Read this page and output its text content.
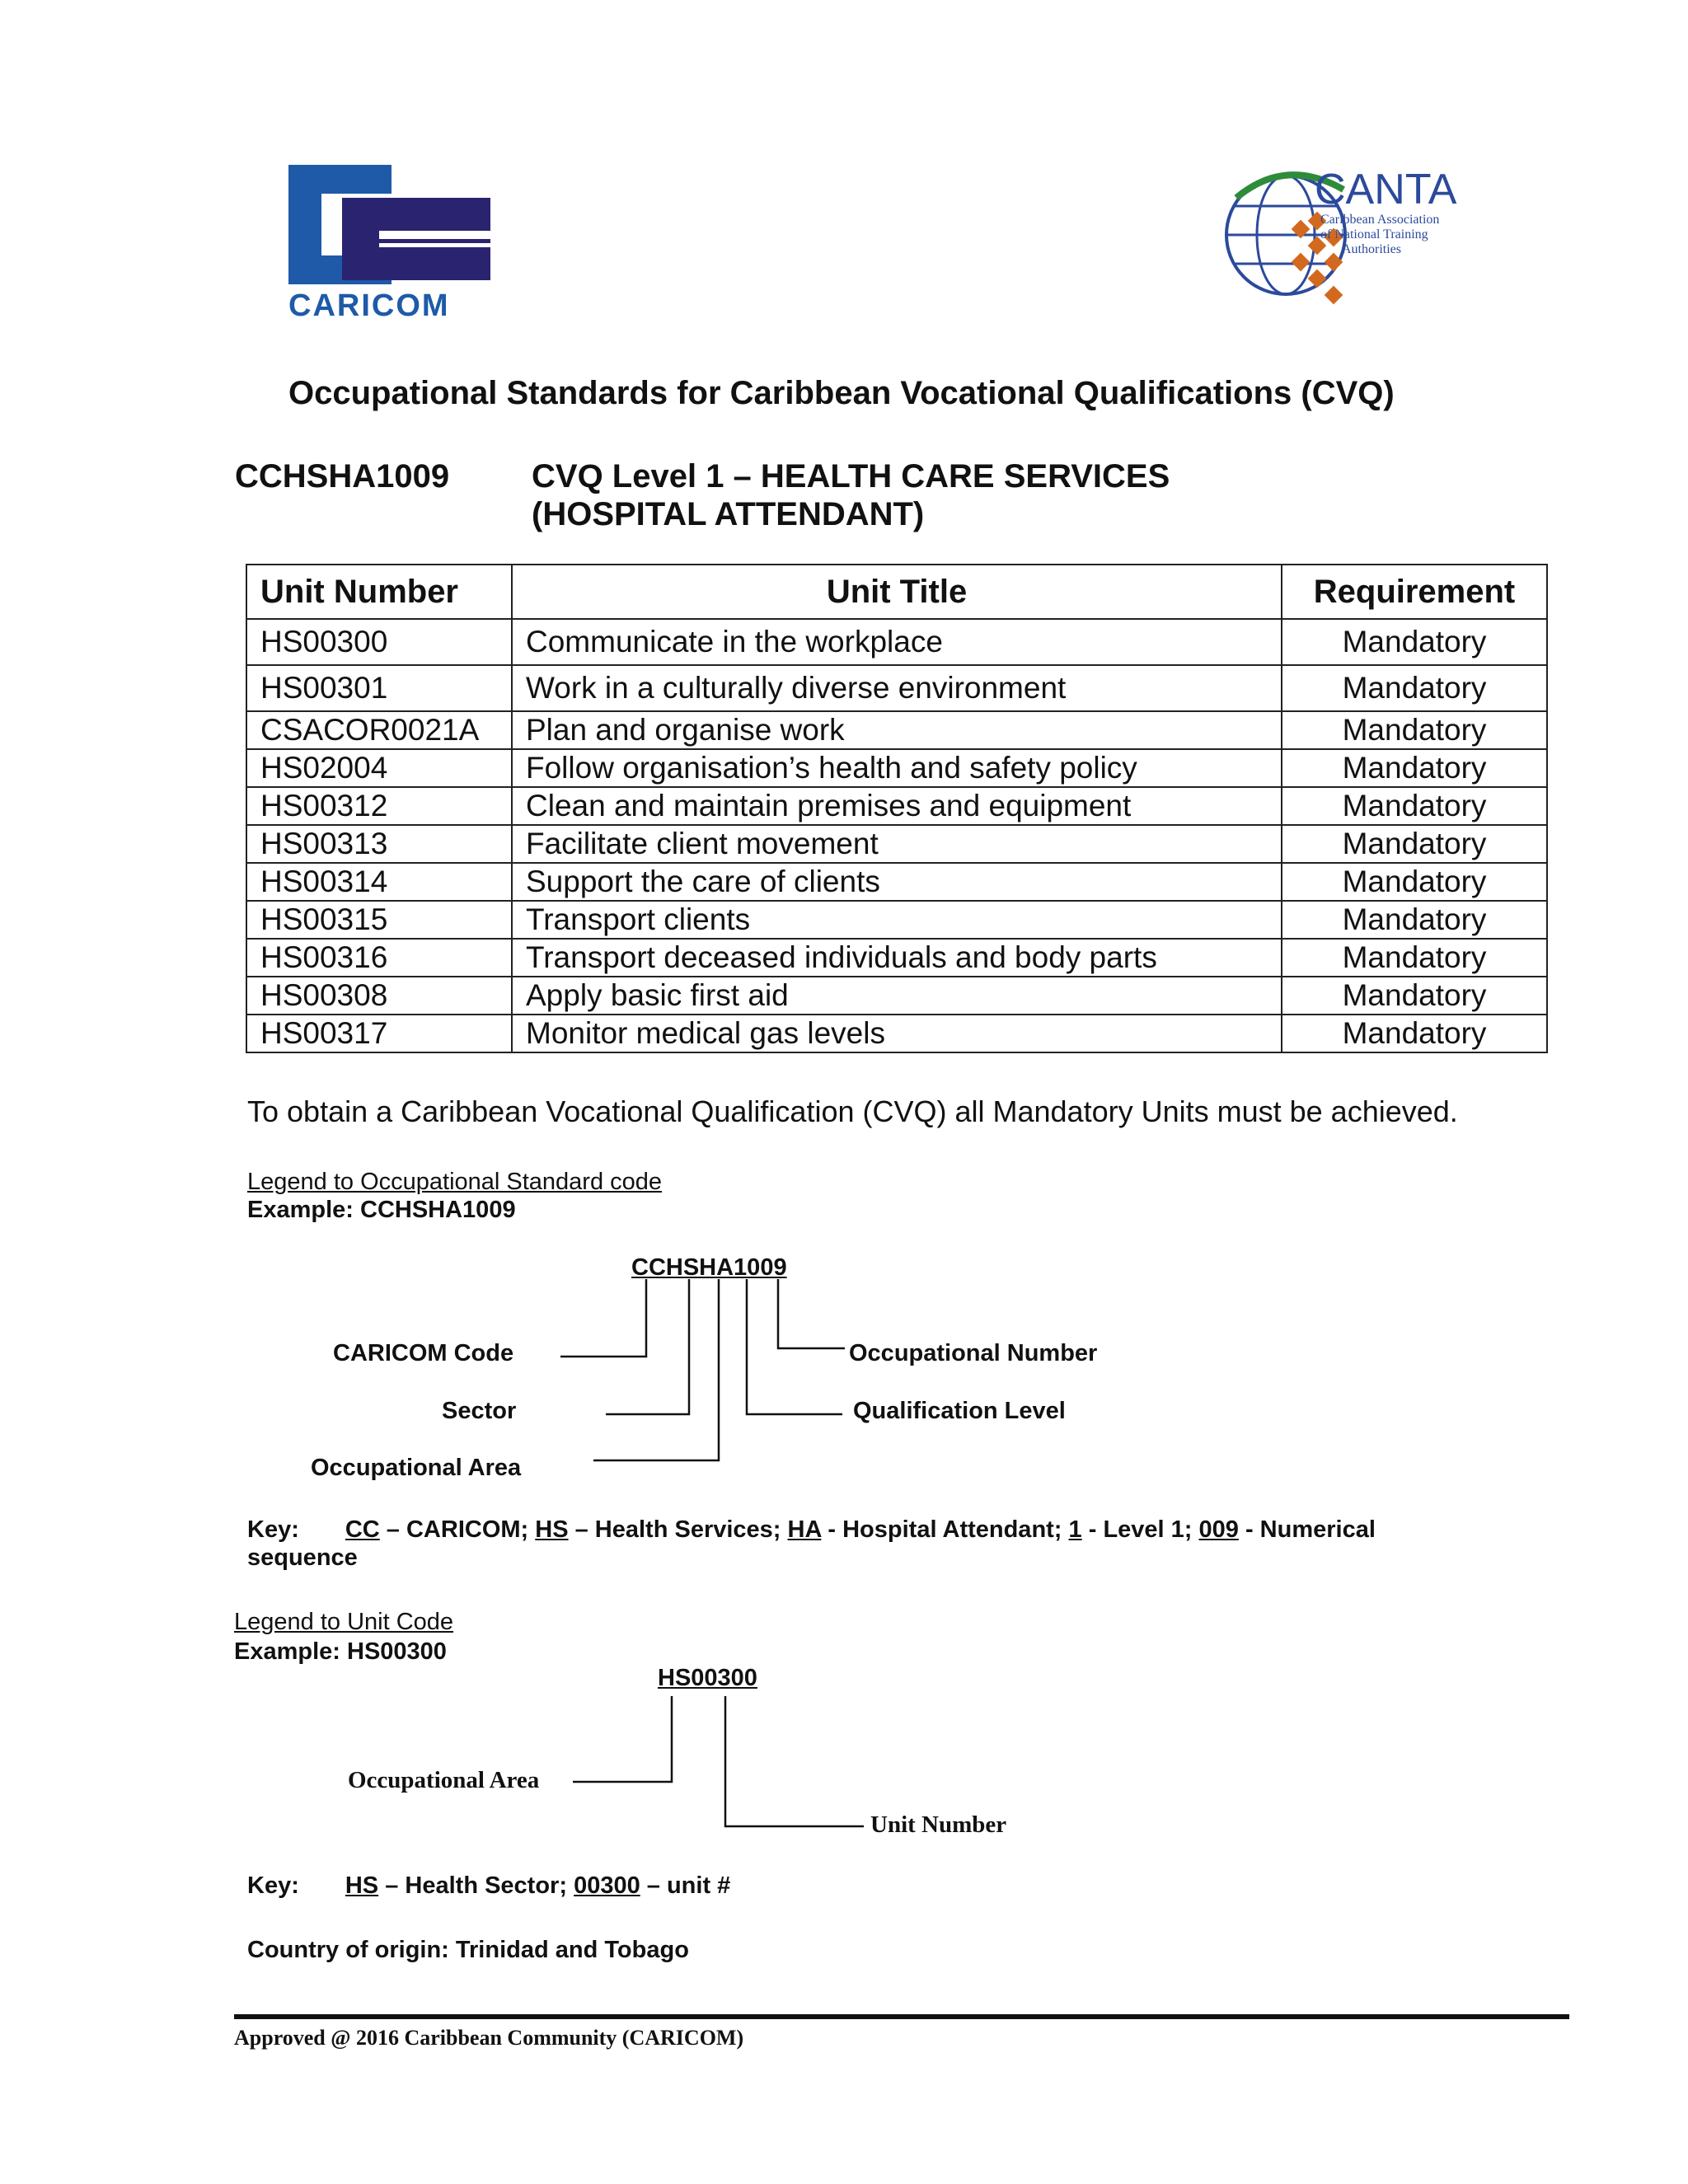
CARICOM
CANTA
Caribbean Association
of National Training
Authorities
Occupational Standards for Caribbean Vocational Qualifications (CVQ)
CCHSHA1009 CVQ Level 1 – HEALTH CARE SERVICES
(HOSPITAL ATTENDANT)
Unit Number	Unit Title	Requirement
HS00300	Communicate in the workplace	Mandatory
HS00301	Work in a culturally diverse environment	Mandatory
CSACOR0021A	Plan and organise work	Mandatory
HS02004	Follow organisation’s health and safety policy	Mandatory
HS00312	Clean and maintain premises and equipment	Mandatory
HS00313	Facilitate client movement	Mandatory
HS00314	Support the care of clients	Mandatory
HS00315	Transport clients	Mandatory
HS00316	Transport deceased individuals and body parts	Mandatory
HS00308	Apply basic first aid	Mandatory
HS00317	Monitor medical gas levels	Mandatory
To obtain a Caribbean Vocational Qualification (CVQ) all Mandatory Units must be achieved.
Legend to Occupational Standard code
Example: CCHSHA1009
CCHSHA1009
CARICOM Code
Sector
Occupational Area
Occupational Number
Qualification Level
Key: CC – CARICOM; HS – Health Services; HA - Hospital Attendant; 1 - Level 1; 009 - Numerical
sequence
Legend to Unit Code
Example: HS00300
HS00300
Occupational Area
Unit Number
Key: HS – Health Sector; 00300 – unit #
Country of origin: Trinidad and Tobago
Approved @ 2016 Caribbean Community (CARICOM)
